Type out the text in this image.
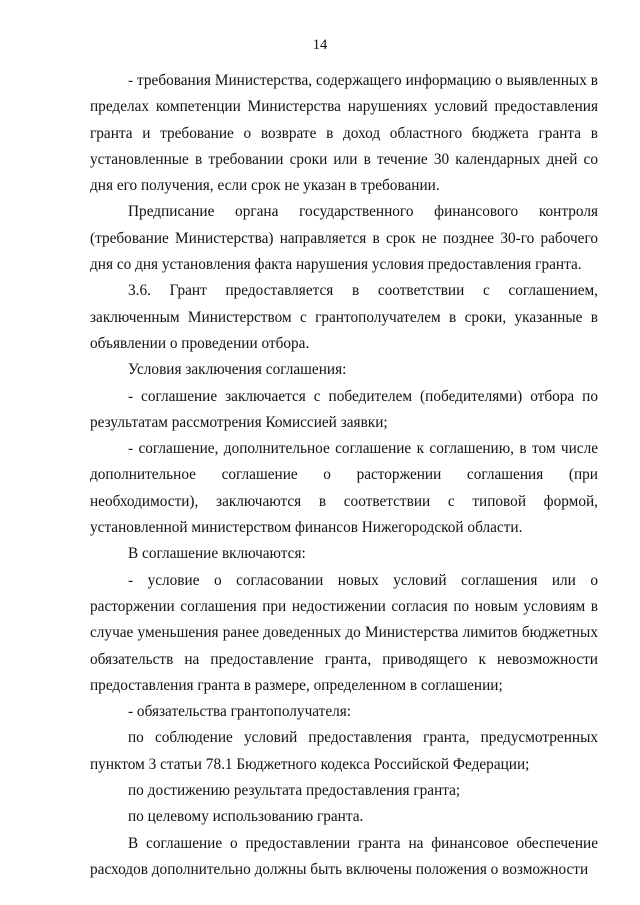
14

- требования Министерства, содержащего информацию о выявленных в пределах компетенции Министерства нарушениях условий предоставления гранта и требование о возврате в доход областного бюджета гранта в установленные в требовании сроки или в течение 30 календарных дней со дня его получения, если срок не указан в требовании.

Предписание органа государственного финансового контроля (требование Министерства) направляется в срок не позднее 30-го рабочего дня со дня установления факта нарушения условия предоставления гранта.

3.6. Грант предоставляется в соответствии с соглашением, заключенным Министерством с грантополучателем в сроки, указанные в объявлении о проведении отбора.

Условия заключения соглашения:

- соглашение заключается с победителем (победителями) отбора по результатам рассмотрения Комиссией заявки;

- соглашение, дополнительное соглашение к соглашению, в том числе дополнительное соглашение о расторжении соглашения (при необходимости), заключаются в соответствии с типовой формой, установленной министерством финансов Нижегородской области.

В соглашение включаются:

- условие о согласовании новых условий соглашения или о расторжении соглашения при недостижении согласия по новым условиям в случае уменьшения ранее доведенных до Министерства лимитов бюджетных обязательств на предоставление гранта, приводящего к невозможности предоставления гранта в размере, определенном в соглашении;

- обязательства грантополучателя:

по соблюдение условий предоставления гранта, предусмотренных пунктом 3 статьи 78.1 Бюджетного кодекса Российской Федерации;

по достижению результата предоставления гранта;

по целевому использованию гранта.

В соглашение о предоставлении гранта на финансовое обеспечение расходов дополнительно должны быть включены положения о возможности
